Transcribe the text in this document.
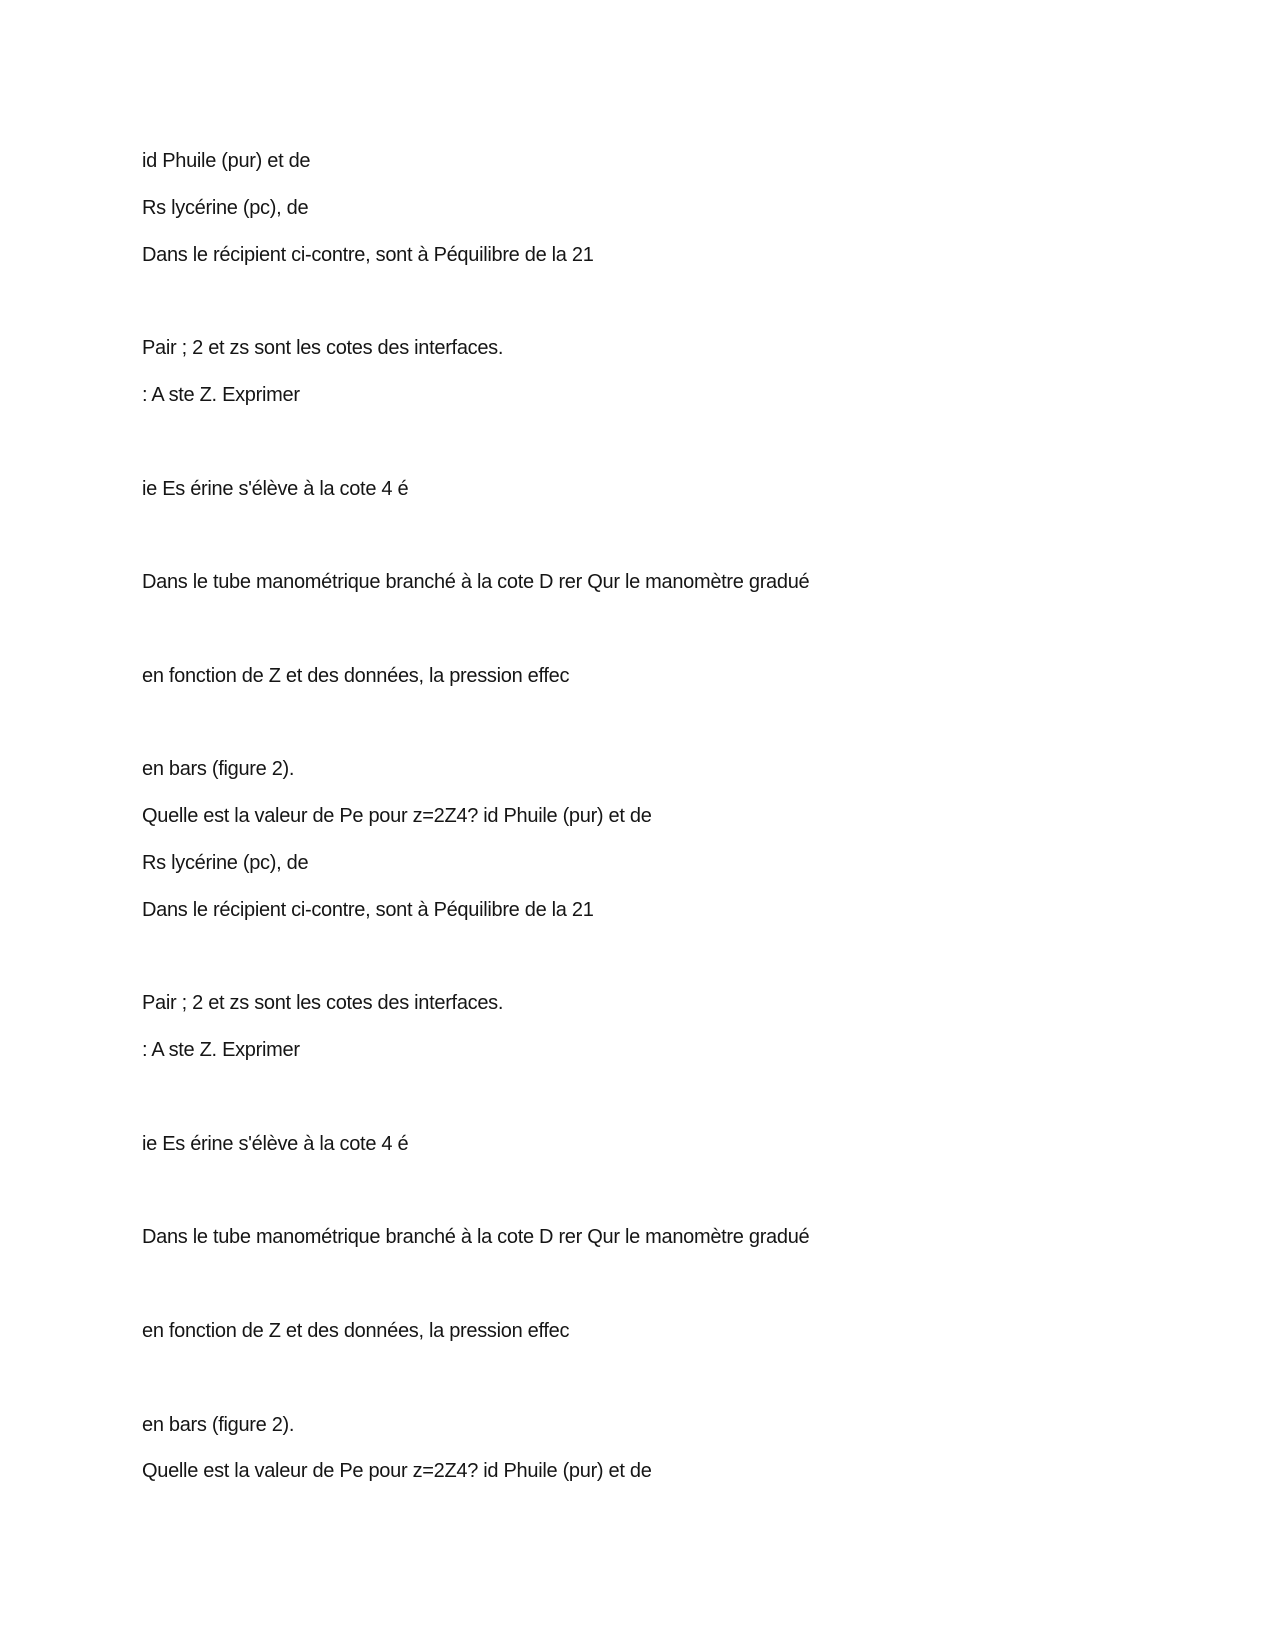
id Phuile (pur) et de

Rs lycérine (pc), de

Dans le récipient ci-contre, sont à Péquilibre de la 21

Pair ; 2 et zs sont les cotes des interfaces.

: A ste Z. Exprimer

ie Es érine s'élève à la cote 4 é

Dans le tube manométrique branché à la cote D rer Qur le manomètre gradué

en fonction de Z et des données, la pression effec

en bars (figure 2).

Quelle est la valeur de Pe pour z=2Z4? id Phuile (pur) et de

Rs lycérine (pc), de

Dans le récipient ci-contre, sont à Péquilibre de la 21

Pair ; 2 et zs sont les cotes des interfaces.

: A ste Z. Exprimer

ie Es érine s'élève à la cote 4 é

Dans le tube manométrique branché à la cote D rer Qur le manomètre gradué

en fonction de Z et des données, la pression effec

en bars (figure 2).

Quelle est la valeur de Pe pour z=2Z4? id Phuile (pur) et de
